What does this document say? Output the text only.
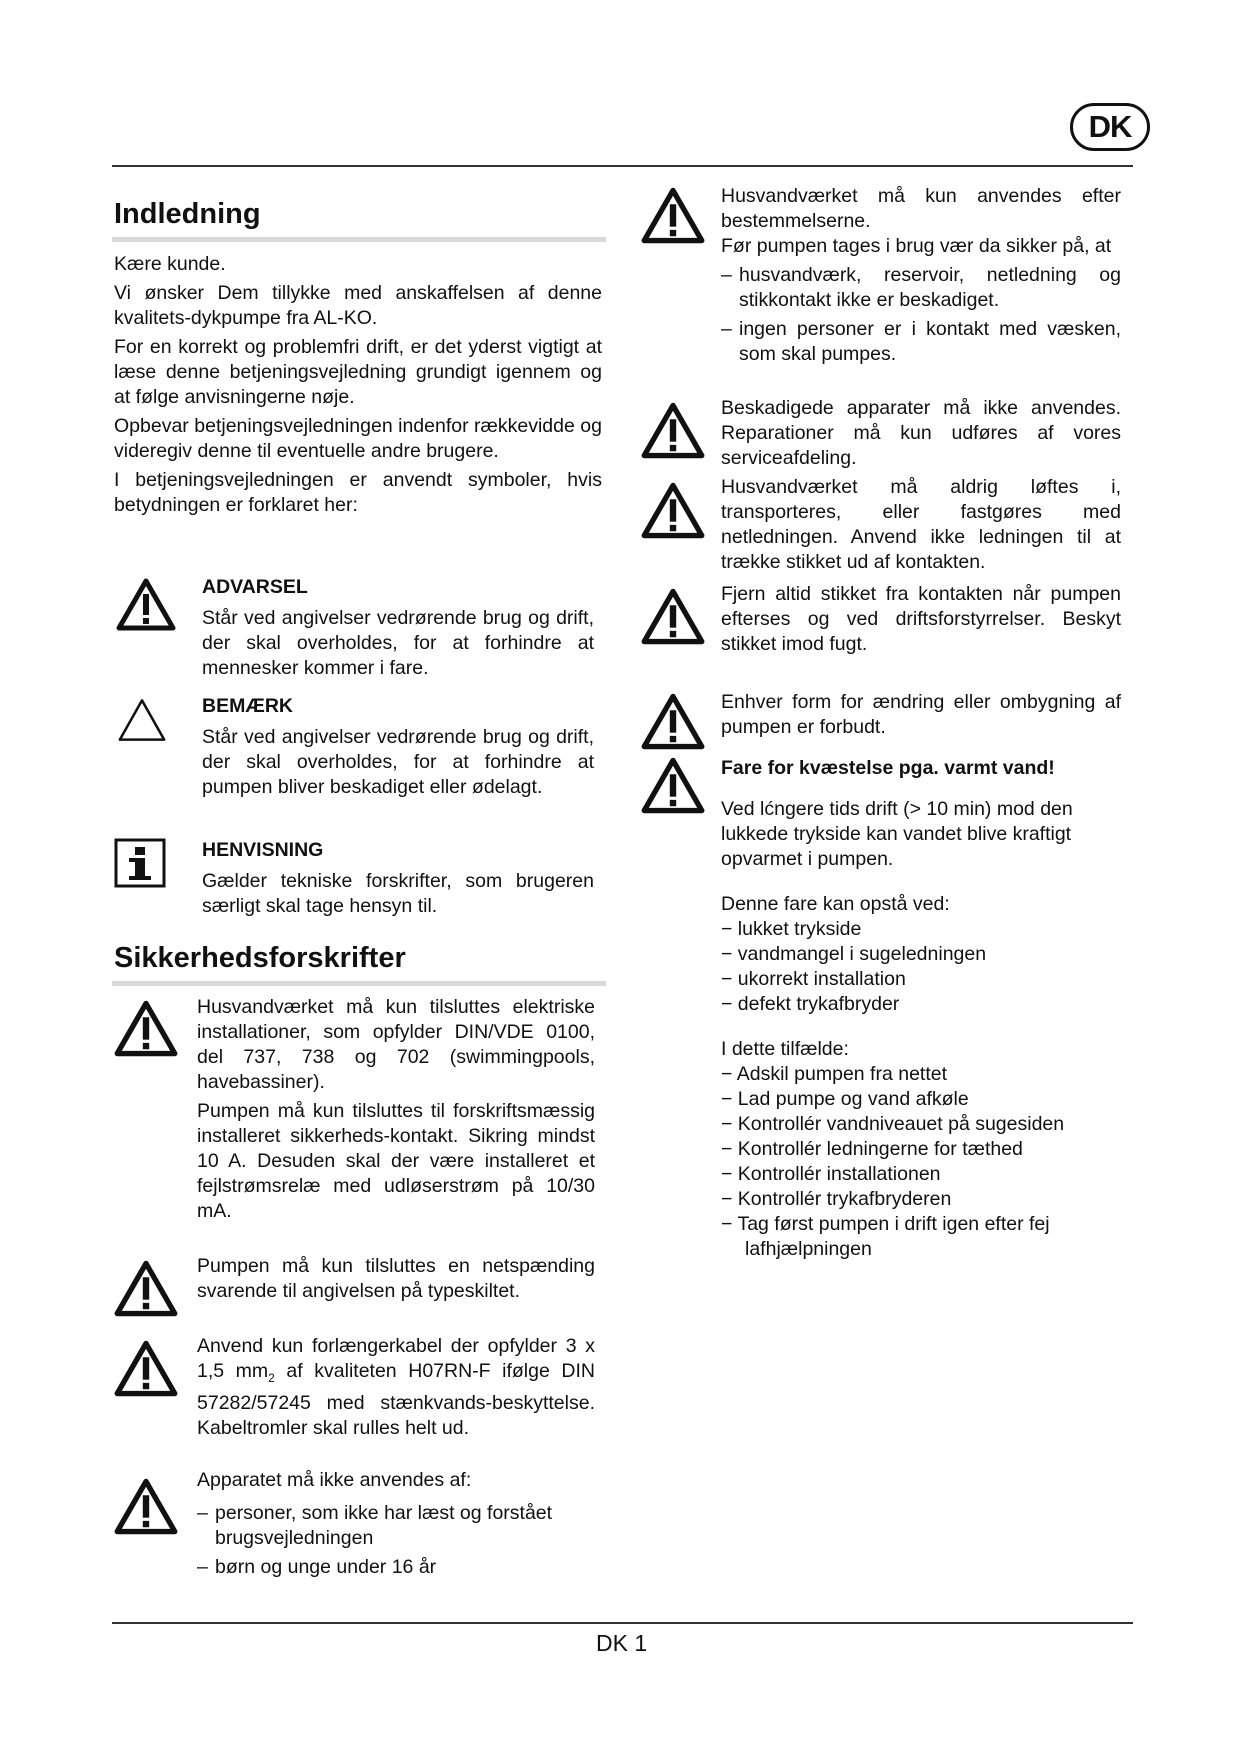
DK
Indledning

Kære kunde.

Vi ønsker Dem tillykke med anskaffelsen af denne kvalitets-dykpumpe fra AL-KO.

For en korrekt og problemfri drift, er det yderst vigtigt at læse denne betjeningsvejledning grundigt igennem og at følge anvisningerne nøje.

Opbevar betjeningsvejledningen indenfor rækkevidde og videregiv denne til eventuelle andre brugere.

I betjeningsvejledningen er anvendt symboler, hvis betydningen er forklaret her:

ADVARSEL
Står ved angivelser vedrørende brug og drift, der skal overholdes, for at forhindre at mennesker kommer i fare.
BEMÆRK
Står ved angivelser vedrørende brug og drift, der skal overholdes, for at forhindre at pumpen bliver beskadiget eller ødelagt.
HENVISNING
Gælder tekniske forskrifter, som brugeren særligt skal tage hensyn til.
Sikkerhedsforskrifter

Husvandværket må kun tilsluttes elektriske installationer, som opfylder DIN/VDE 0100, del 737, 738 og 702 (swimmingpools, havebassiner).

Pumpen må kun tilsluttes til forskriftsmæssig installeret sikkerheds-kontakt. Sikring mindst 10 A. Desuden skal der være installeret et fejlstrømsrelæ med udløserstrøm på 10/30 mA.

Pumpen må kun tilsluttes en netspænding svarende til angivelsen på typeskiltet.

Anvend kun forlængerkabel der opfylder 3 x 1,5 $mm_2$ af kvaliteten H07RN-F ifølge DIN 57282/57245 med stænkvands-beskyttelse. Kabeltromler skal rulles helt ud.

Apparatet må ikke anvendes af:

– personer, som ikke har læst og forstået brugsvejledningen
– børn og unge under 16 år

Husvandværket må kun anvendes efter bestemmelserne.

Før pumpen tages i brug vær da sikker på, at

– husvandværk, reservoir, netledning og stikkontakt ikke er beskadiget.
– ingen personer er i kontakt med væsken, som skal pumpes.

Beskadigede apparater må ikke anvendes. Reparationer må kun udføres af vores serviceafdeling.

Husvandværket må aldrig løftes i, transporteres, eller fastgøres med netledningen. Anvend ikke ledningen til at trække stikket ud af kontakten.

Fjern altid stikket fra kontakten når pumpen efterses og ved driftsforstyrrelser. Beskyt stikket imod fugt.

Enhver form for ændring eller ombygning af pumpen er forbudt.

Fare for kvæstelse pga. varmt vand!

Ved lćngere tids drift (> 10 min) mod den lukkede trykside kan vandet blive kraftigt opvarmet i pumpen.

Denne fare kan opstå ved:

− lukket trykside

− vandmangel i sugeledningen

− ukorrekt installation

− defekt trykafbryder

I dette tilfælde:

− Adskil pumpen fra nettet

− Lad pumpe og vand afkøle

− Kontrollér vandniveauet på sugesiden

− Kontrollér ledningerne for tæthed

− Kontrollér installationen

− Kontrollér trykafbryderen

− Tag først pumpen i drift igen efter fej

lafhjælpningen

DK 1
